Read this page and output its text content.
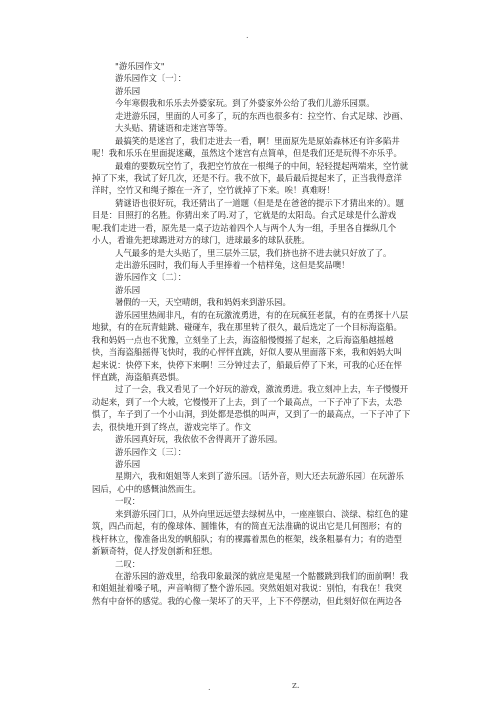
.
"游乐园作文"
游乐园作文〔一〕：
游乐园
今年寒假我和乐乐去外婆家玩。到了外婆家外公给了我们儿游乐园票。
走进游乐园，里面的人可多了，玩的东西也很多有：拉空竹、台式足球、沙画、
大头贴、猜谜语和走迷宫等等。
最搞笑的是迷宫了，我们走进去一看，啊！里面原先是原始森林还有许多陷井
呢！我和乐乐在里面捉迷藏，虽然这个迷宫有点简单，但是我们还是玩得不亦乐乎。
最难的要数玩空竹了，我把空竹放在一根绳子的中间，轻轻提起两端来，空竹就
掉了下来，我试了好几次，还是不行。我不放下，最后最后提起来了，正当我得意洋
洋时，空竹又和绳子擦在一齐了，空竹就掉了下来。唉！真难呀！
猜谜语也很好玩，我还猜出了一道题（但是是在爸爸的提示下才猜出来的）。题
目是：目照打的名胜。你猜出来了吗.对了，它就是的太阳岛。台式足球是什么游戏
呢.我们走进一看，原先是一桌子边站着四个人与两个人为一组，手里各自操纵几个
小人，看谁先把球踢进对方的球门，进球最多的球队获胜。
人气最多的是大头贴了，里三层外三层，我们挤也挤不进去就只好放了了。
走出游乐园时，我们每人手里捧着一个桔样兔，这但是奖品噢！
游乐园作文〔二〕：
游乐园
暑假的一天，天空晴朗，我和妈妈来到游乐园。
游乐园里热闹非凡，有的在玩激流勇进，有的在玩疯狂老鼠，有的在勇探十八层
地狱，有的在玩青蛙跳、碰碰车，我在那里转了很久，最后选定了一个目标海盗船。
我和妈妈一点也不犹豫，立刻坐了上去，海盗船慢慢摇了起来，之后海盗船越摇越
快，当海盗船摇得飞快时，我的心怦怦直跳，好似人要从里面落下来，我和妈妈大叫
起来说：快停下来，快停下来啊！三分钟过去了，船最后停了下来，可我的心还在怦
怦直跳，海盗船真恐惧。
过了一会，我又看见了一个好玩的游戏，激流勇进。我立刻冲上去，车子慢慢开
动起来，到了一个大坡，它慢慢开了上去，到了一个最高点，一下子冲了下去，太恐
惧了，车子到了一个小山洞，到处都是恐惧的叫声，又到了一的最高点，一下子冲了下
去，很快地开到了终点，游戏完毕了。作文
游乐园真好玩，我依依不舍得离开了游乐园。
游乐园作文〔三〕：
游乐园
星期六，我和姐姐等人来到了游乐园。〔话外音，则大还去玩游乐园〕在玩游乐
园后，心中的感慨油然而生。
一叹：
来到游乐园门口，从外向里远远望去绿树丛中，一座座银白、淡绿、棕红色的建
筑，四凸而起，有的像球体、圆锥体，有的简直无法准确的说出它是几何图形；有的
栈杆林立，像准备出发的帆船队；有的裸露着黑色的框架，线条粗暴有力；有的造型
新颖奇特，促人抒发创新和狂想。
二叹：
在游乐园的游戏里，给我印象最深的就应是鬼屋一个骷髅跳到我们的面前啊！我
和姐姐扯着嗓子吼，声音响彻了整个游乐园。突然姐姐对我说：别怕，有我在！我突
然有中奋怀的感觉。我的心像一架坏了的天平，上下不停摆动，但此刻好似在两边各
.	z.
